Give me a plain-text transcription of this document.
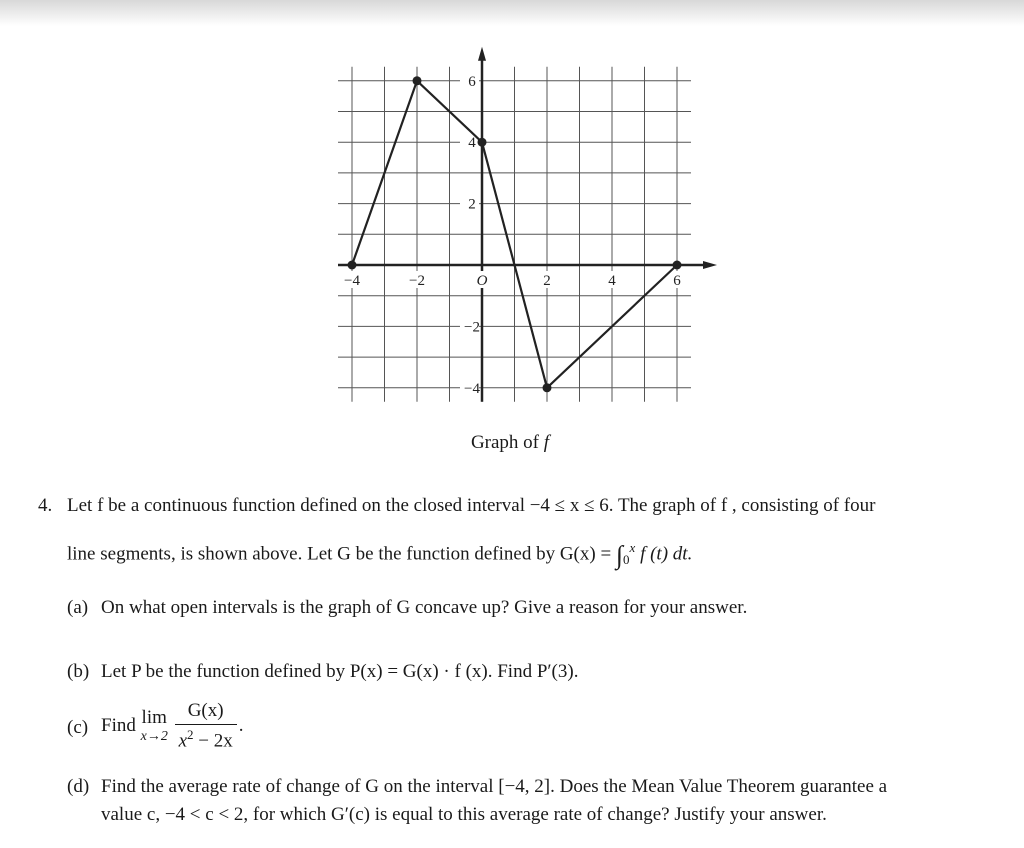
−4	−2	O	2	4	6
6
4
2
−2
−4
Graph of f
4. Let f be a continuous function defined on the closed interval −4 ≤ x ≤ 6. The graph of f , consisting of four
line segments, is shown above. Let G be the function defined by $G(x) = \int_0^x$ f (t) dt.
(a) On what open intervals is the graph of G concave up? Give a reason for your answer.
(b) Let P be the function defined by P(x) = G(x) · f (x). Find P′(3).
(c) Find lim
x→2
$\frac{G(x)}{x^2 - 2x}$ .
(d) Find the average rate of change of G on the interval [−4, 2]. Does the Mean Value Theorem guarantee a
value c, −4 < c < 2, for which G′(c) is equal to this average rate of change? Justify your answer.
